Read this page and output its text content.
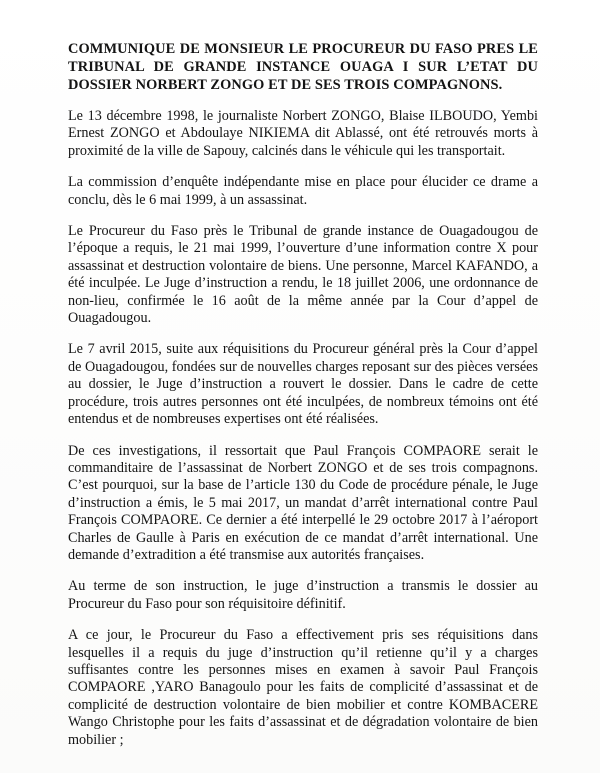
COMMUNIQUE DE MONSIEUR LE PROCUREUR DU FASO PRES LE TRIBUNAL DE GRANDE INSTANCE OUAGA I SUR L’ETAT DU DOSSIER NORBERT ZONGO ET DE SES TROIS COMPAGNONS.

Le 13 décembre 1998, le journaliste Norbert ZONGO, Blaise ILBOUDO, Yembi Ernest ZONGO et Abdoulaye NIKIEMA dit Ablassé, ont été retrouvés morts à proximité de la ville de Sapouy, calcinés dans le véhicule qui les transportait.

La commission d’enquête indépendante mise en place pour élucider ce drame a conclu, dès le 6 mai 1999, à un assassinat.

Le Procureur du Faso près le Tribunal de grande instance de Ouagadougou de l’époque a requis, le 21 mai 1999, l’ouverture d’une information contre X pour assassinat et destruction volontaire de biens. Une personne, Marcel KAFANDO, a été inculpée. Le Juge d’instruction a rendu, le 18 juillet 2006, une ordonnance de non-lieu, confirmée le 16 août de la même année par la Cour d’appel de Ouagadougou.

Le 7 avril 2015, suite aux réquisitions du Procureur général près la Cour d’appel de Ouagadougou, fondées sur de nouvelles charges reposant sur des pièces versées au dossier, le Juge d’instruction a rouvert le dossier. Dans le cadre de cette procédure, trois autres personnes ont été inculpées, de nombreux témoins ont été entendus et de nombreuses expertises ont été réalisées.

De ces investigations, il ressortait que Paul François COMPAORE serait le commanditaire de l’assassinat de Norbert ZONGO et de ses trois compagnons. C’est pourquoi, sur la base de l’article 130 du Code de procédure pénale, le Juge d’instruction a émis, le 5 mai 2017, un mandat d’arrêt international contre Paul François COMPAORE. Ce dernier a été interpellé le 29 octobre 2017 à l’aéroport Charles de Gaulle à Paris en exécution de ce mandat d’arrêt international. Une demande d’extradition a été transmise aux autorités françaises.

Au terme de son instruction, le juge d’instruction a transmis le dossier au Procureur du Faso pour son réquisitoire définitif.

A ce jour, le Procureur du Faso a effectivement pris ses réquisitions dans lesquelles il a requis du juge d’instruction qu’il retienne qu’il y a charges suffisantes contre les personnes mises en examen à savoir Paul François COMPAORE ,YARO Banagoulo pour les faits de complicité d’assassinat et de complicité de destruction volontaire de bien mobilier et contre KOMBACERE Wango Christophe pour les faits d’assassinat et de dégradation volontaire de bien mobilier ;
